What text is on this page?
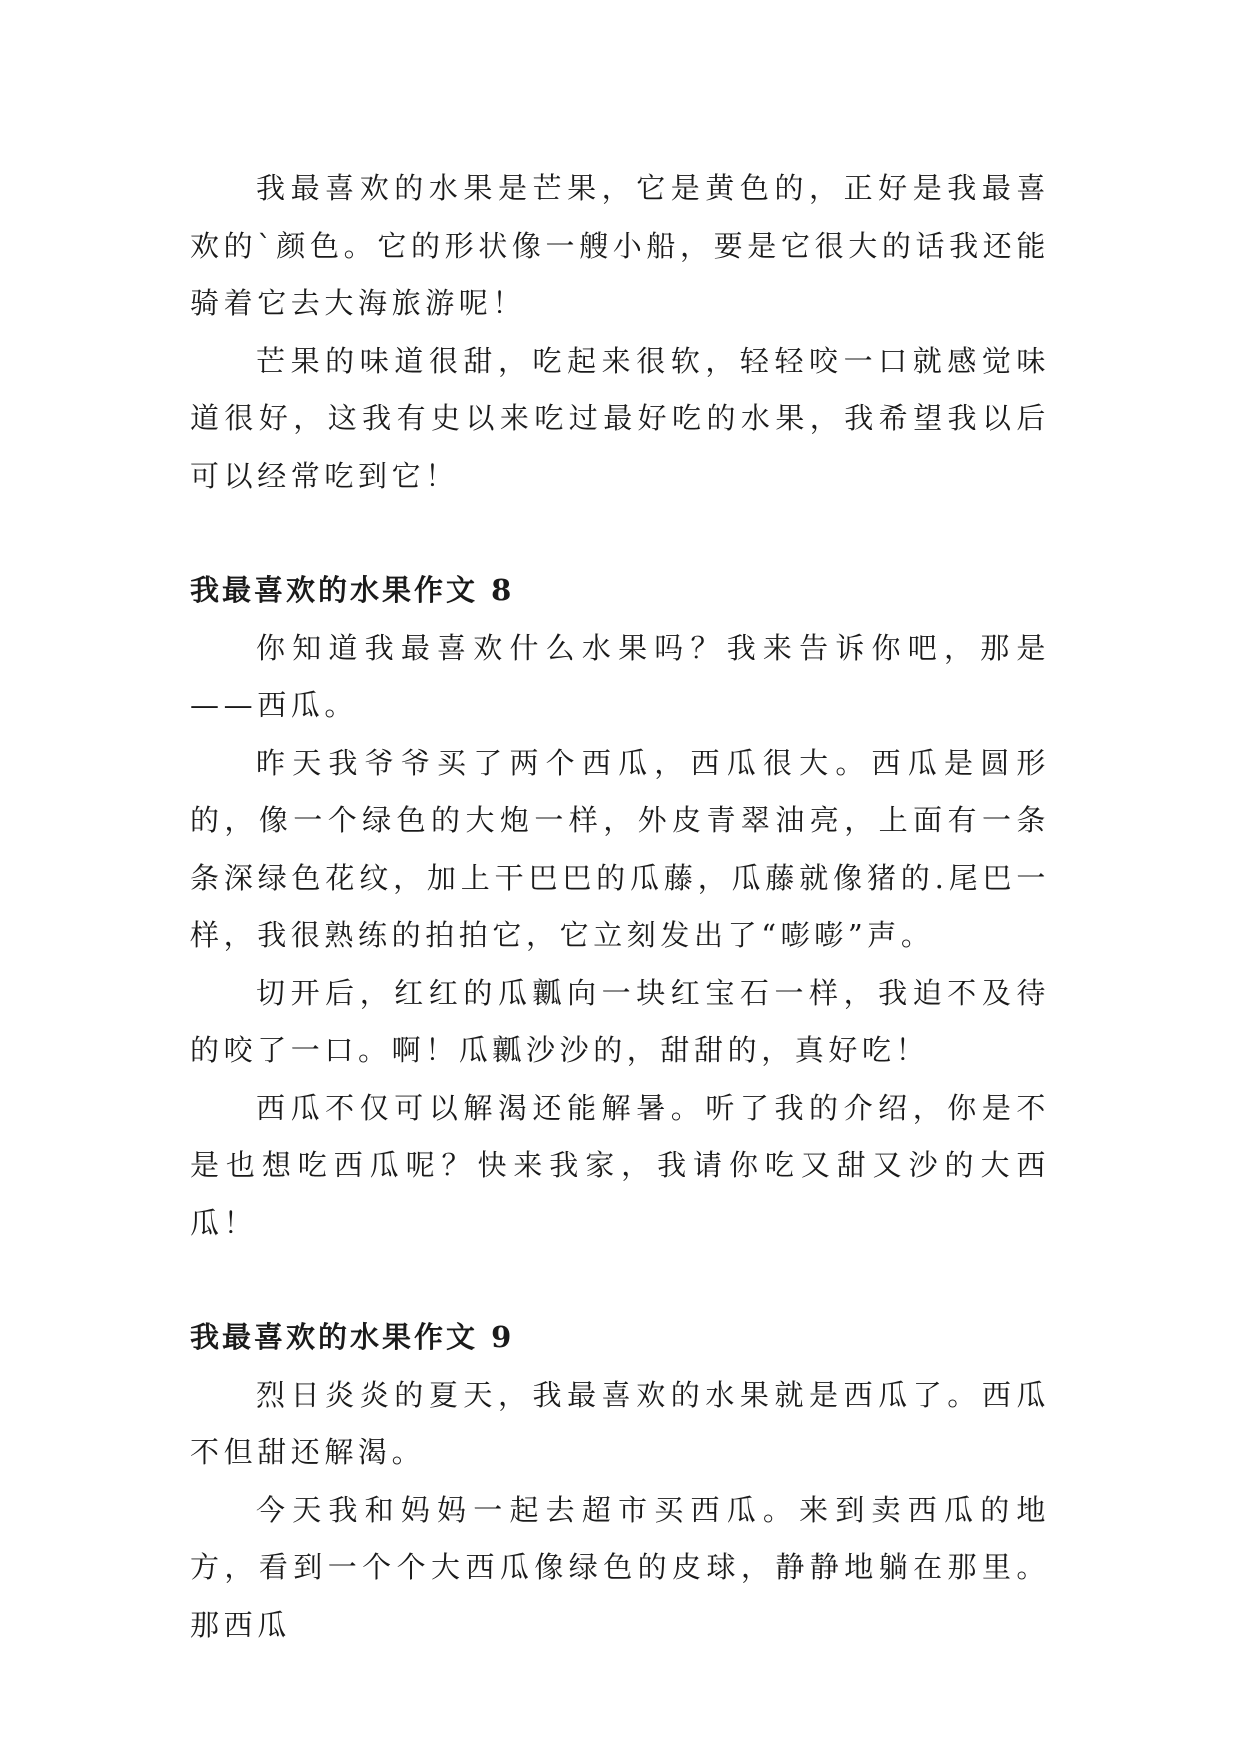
我最喜欢的水果是芒果，它是黄色的，正好是我最喜欢的`颜色。它的形状像一艘小船，要是它很大的话我还能骑着它去大海旅游呢！

芒果的味道很甜，吃起来很软，轻轻咬一口就感觉味道很好，这我有史以来吃过最好吃的水果，我希望我以后可以经常吃到它！

我最喜欢的水果作文 8

你知道我最喜欢什么水果吗？我来告诉你吧，那是——西瓜。

昨天我爷爷买了两个西瓜，西瓜很大。西瓜是圆形的，像一个绿色的大炮一样，外皮青翠油亮，上面有一条条深绿色花纹，加上干巴巴的瓜藤，瓜藤就像猪的.尾巴一样，我很熟练的拍拍它，它立刻发出了“嘭嘭”声。

切开后，红红的瓜瓤向一块红宝石一样，我迫不及待的咬了一口。啊！瓜瓤沙沙的，甜甜的，真好吃！

西瓜不仅可以解渴还能解暑。听了我的介绍，你是不是也想吃西瓜呢？快来我家，我请你吃又甜又沙的大西瓜！

我最喜欢的水果作文 9

烈日炎炎的夏天，我最喜欢的水果就是西瓜了。西瓜不但甜还解渴。

今天我和妈妈一起去超市买西瓜。来到卖西瓜的地方，看到一个个大西瓜像绿色的皮球，静静地躺在那里。那西瓜
